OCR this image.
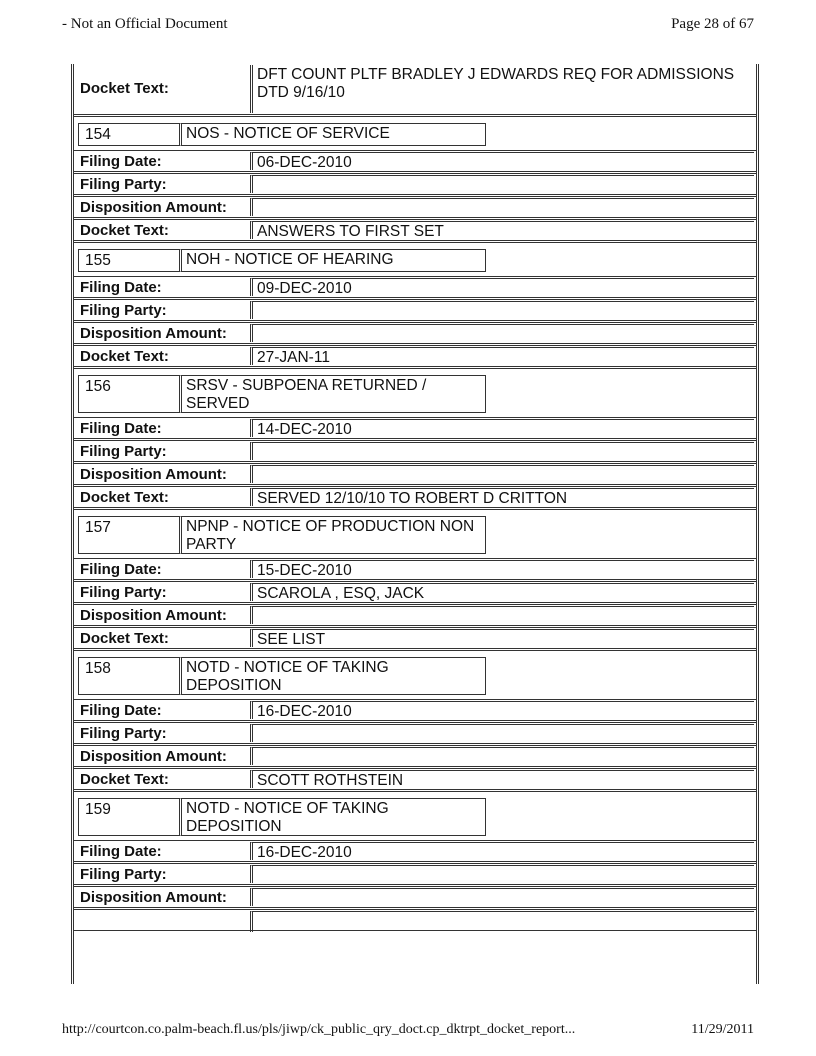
- Not an Official Document	Page 28 of 67
Docket Text:
DFT COUNT PLTF BRADLEY J EDWARDS REQ FOR ADMISSIONS DTD 9/16/10
154	NOS - NOTICE OF SERVICE
Filing Date:	06-DEC-2010
Filing Party:
Disposition Amount:
Docket Text:	ANSWERS TO FIRST SET
155	NOH - NOTICE OF HEARING
Filing Date:	09-DEC-2010
Filing Party:
Disposition Amount:
Docket Text:	27-JAN-11
156	SRSV - SUBPOENA RETURNED / SERVED
Filing Date:	14-DEC-2010
Filing Party:
Disposition Amount:
Docket Text:	SERVED 12/10/10 TO ROBERT D CRITTON
157	NPNP - NOTICE OF PRODUCTION NON PARTY
Filing Date:	15-DEC-2010
Filing Party:	SCAROLA , ESQ, JACK
Disposition Amount:
Docket Text:	SEE LIST
158	NOTD - NOTICE OF TAKING DEPOSITION
Filing Date:	16-DEC-2010
Filing Party:
Disposition Amount:
Docket Text:	SCOTT ROTHSTEIN
159	NOTD - NOTICE OF TAKING DEPOSITION
Filing Date:	16-DEC-2010
Filing Party:
Disposition Amount:
http://courtcon.co.palm-beach.fl.us/pls/jiwp/ck_public_qry_doct.cp_dktrpt_docket_report...	11/29/2011
